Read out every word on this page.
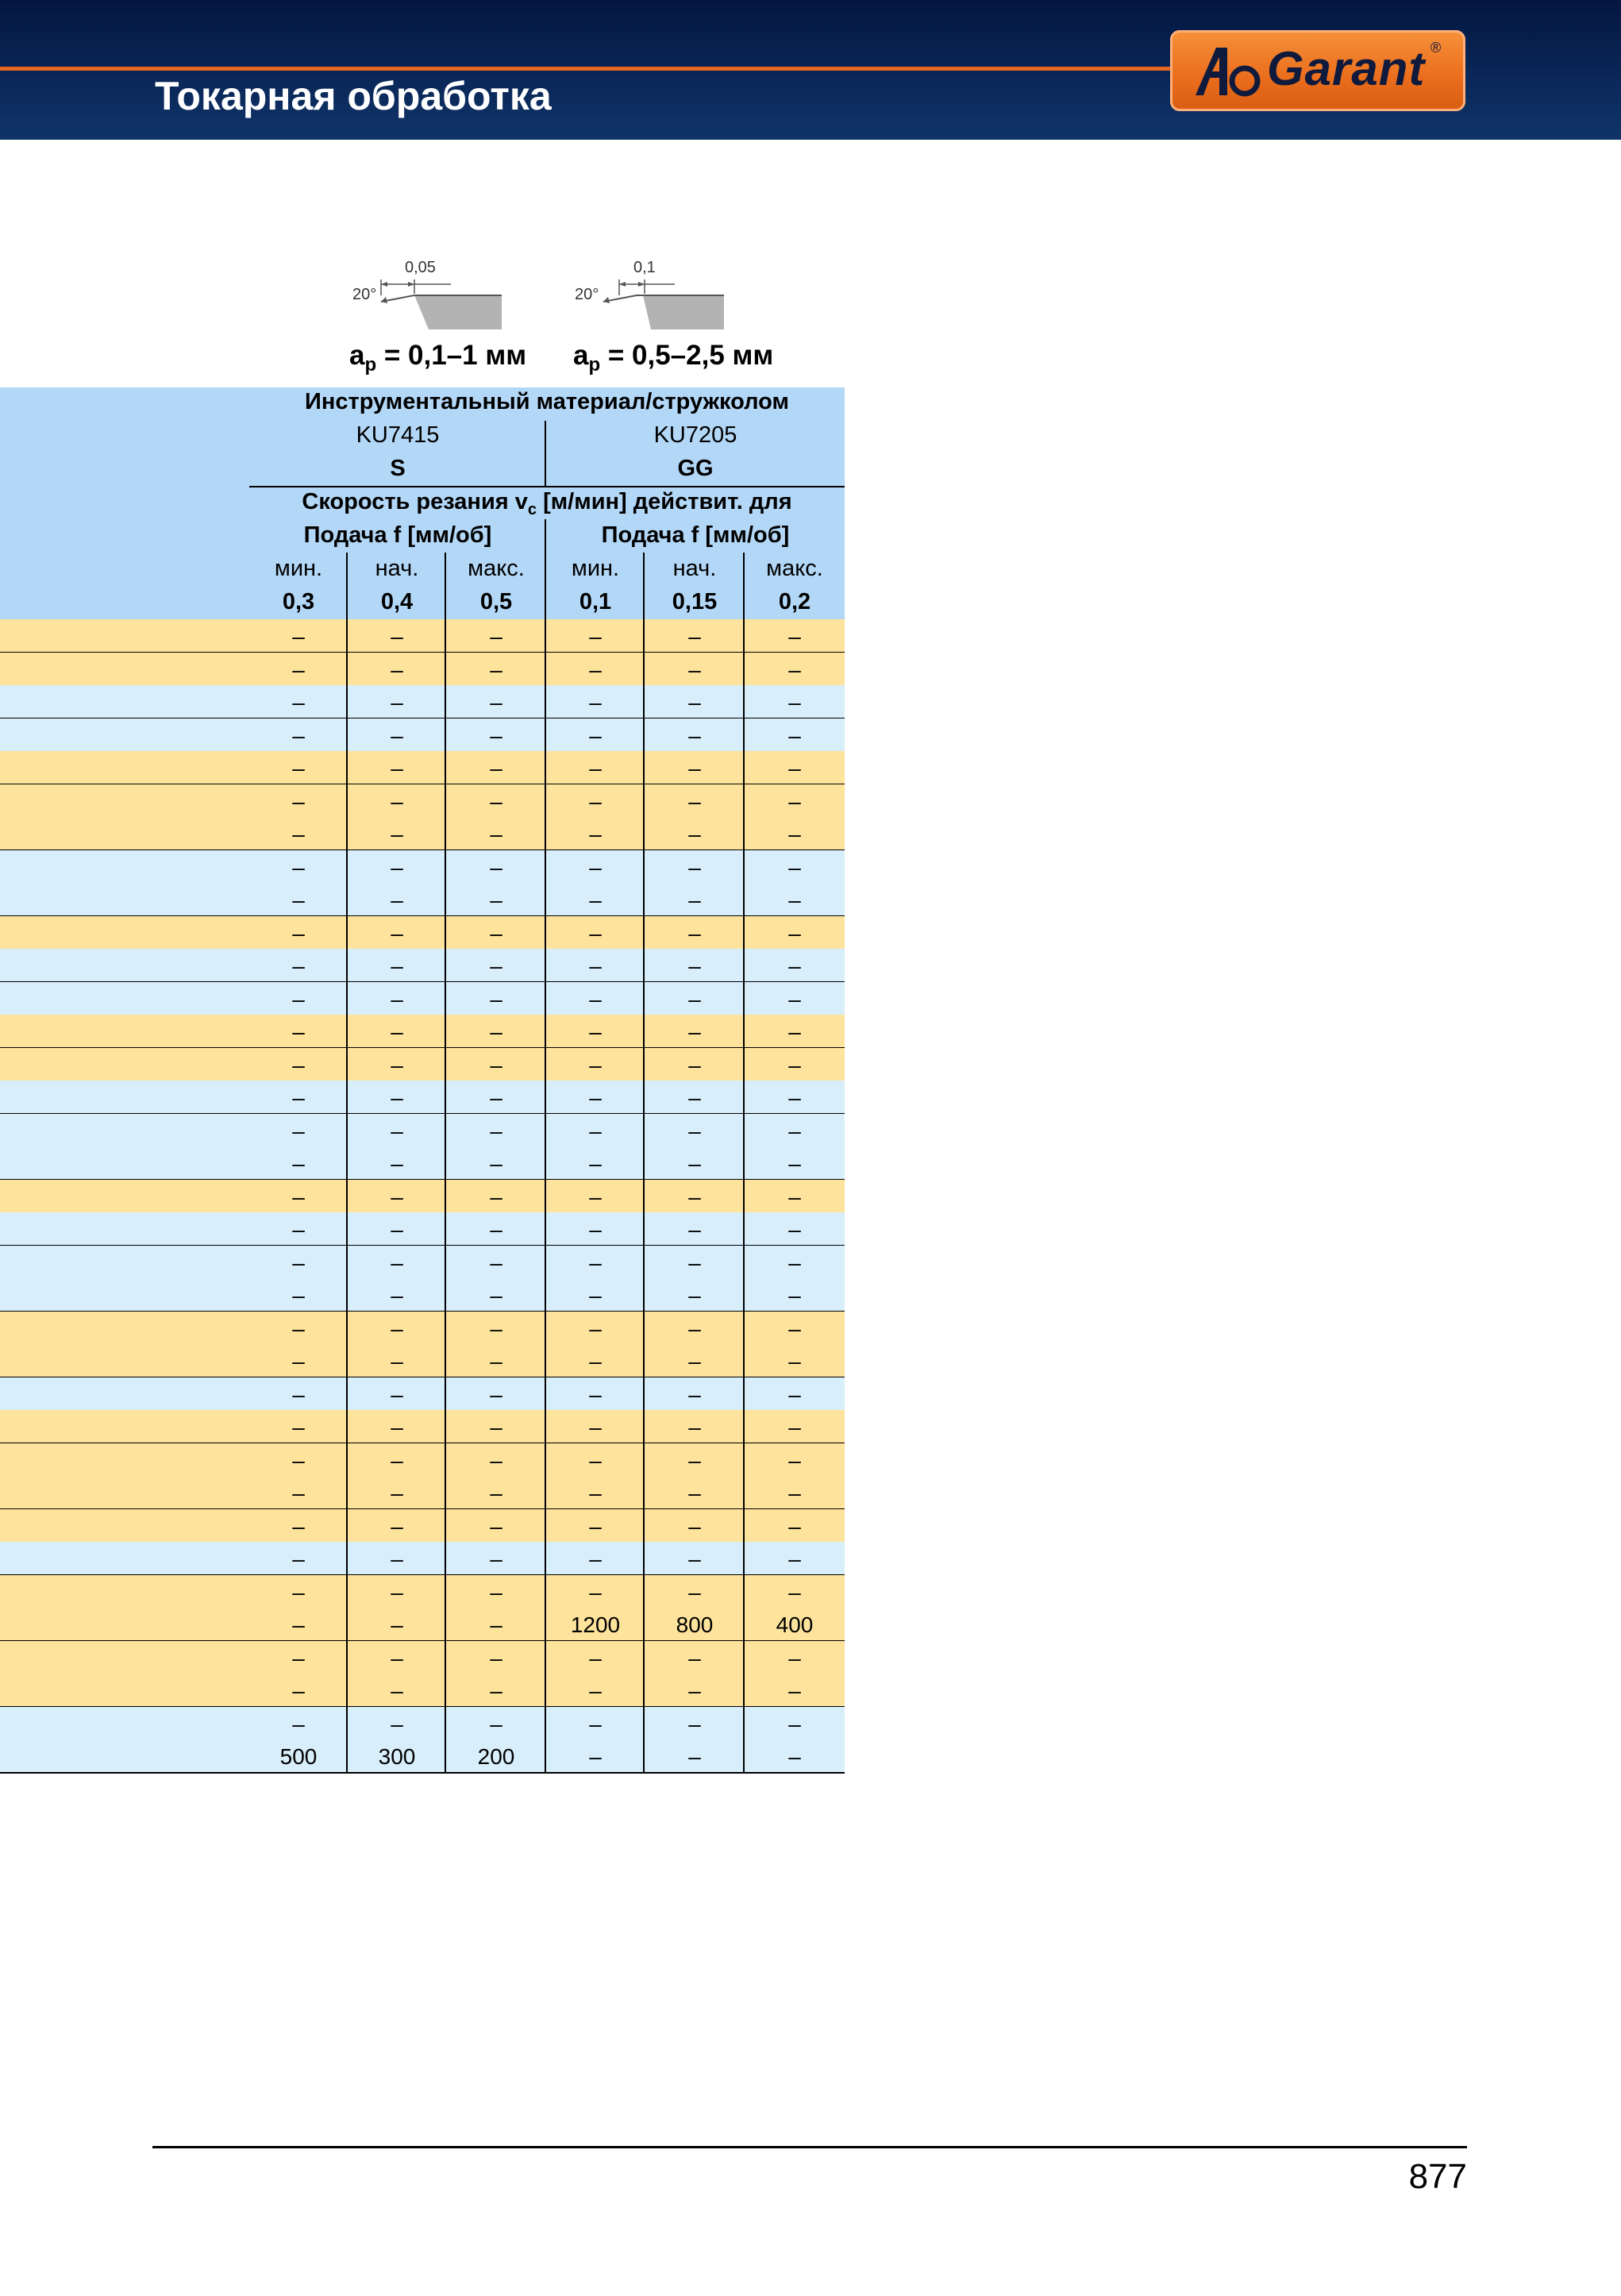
Токарная обработка
Garant ®
0,05
20°
0,1
20°
$a_p = 0,1-1$ мм $a_p = 0,5-2,5$ мм
Инструментальный материал/стружколом
KU7415	KU7205
S	GG
Скорость резания $v_c$ [м/мин] действит. для
Подача f [мм/об]	Подача f [мм/об]
мин.	нач.	макс.	мин.	нач.	макс.
0,3	0,4	0,5	0,1	0,15	0,2
–	–	–	–	–	–
–	–	–	–	–	–
–	–	–	–	–	–
–	–	–	–	–	–
–	–	–	–	–	–
–	–	–	–	–	–
–	–	–	–	–	–
–	–	–	–	–	–
–	–	–	–	–	–
–	–	–	–	–	–
–	–	–	–	–	–
–	–	–	–	–	–
–	–	–	–	–	–
–	–	–	–	–	–
–	–	–	–	–	–
–	–	–	–	–	–
–	–	–	–	–	–
–	–	–	–	–	–
–	–	–	–	–	–
–	–	–	–	–	–
–	–	–	–	–	–
–	–	–	–	–	–
–	–	–	–	–	–
–	–	–	–	–	–
–	–	–	–	–	–
–	–	–	–	–	–
–	–	–	–	–	–
–	–	–	–	–	–
–	–	–	–	–	–
–	–	–	–	–	–
–	–	–	1200	800	400
–	–	–	–	–	–
–	–	–	–	–	–
–	–	–	–	–	–
500	300	200	–	–	–
877
